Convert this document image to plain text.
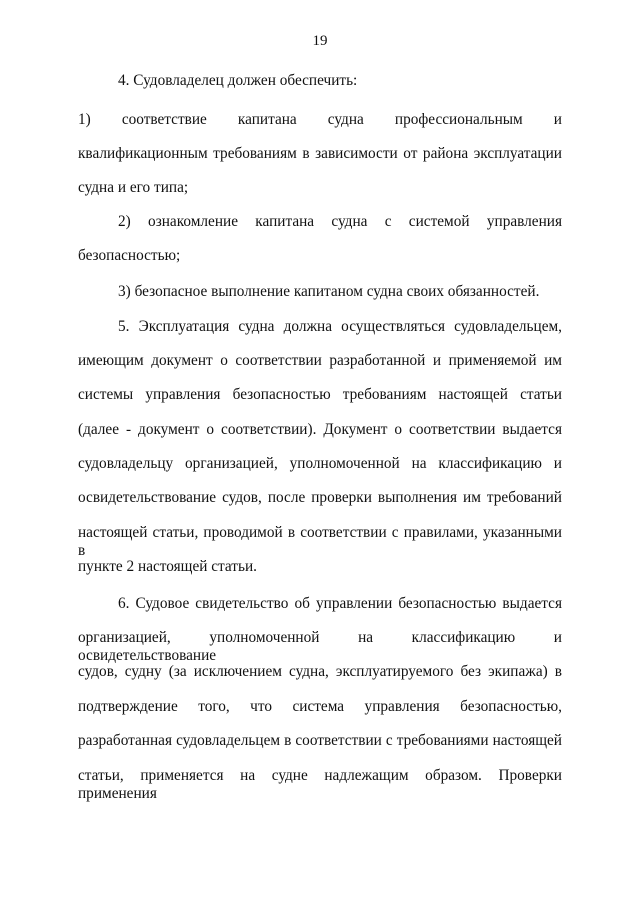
19
4. Судовладелец должен обеспечить:
1) соответствие капитана судна профессиональным и
квалификационным требованиям в зависимости от района эксплуатации
судна и его типа;
2) ознакомление капитана судна с системой управления
безопасностью;
3) безопасное выполнение капитаном судна своих обязанностей.
5. Эксплуатация судна должна осуществляться судовладельцем,
имеющим документ о соответствии разработанной и применяемой им
системы управления безопасностью требованиям настоящей статьи
(далее - документ о соответствии). Документ о соответствии выдается
судовладельцу организацией, уполномоченной на классификацию и
освидетельствование судов, после проверки выполнения им требований
настоящей статьи, проводимой в соответствии с правилами, указанными в
пункте 2 настоящей статьи.
6. Судовое свидетельство об управлении безопасностью выдается
организацией, уполномоченной на классификацию и освидетельствование
судов, судну (за исключением судна, эксплуатируемого без экипажа) в
подтверждение того, что система управления безопасностью,
разработанная судовладельцем в соответствии с требованиями настоящей
статьи, применяется на судне надлежащим образом. Проверки применения
